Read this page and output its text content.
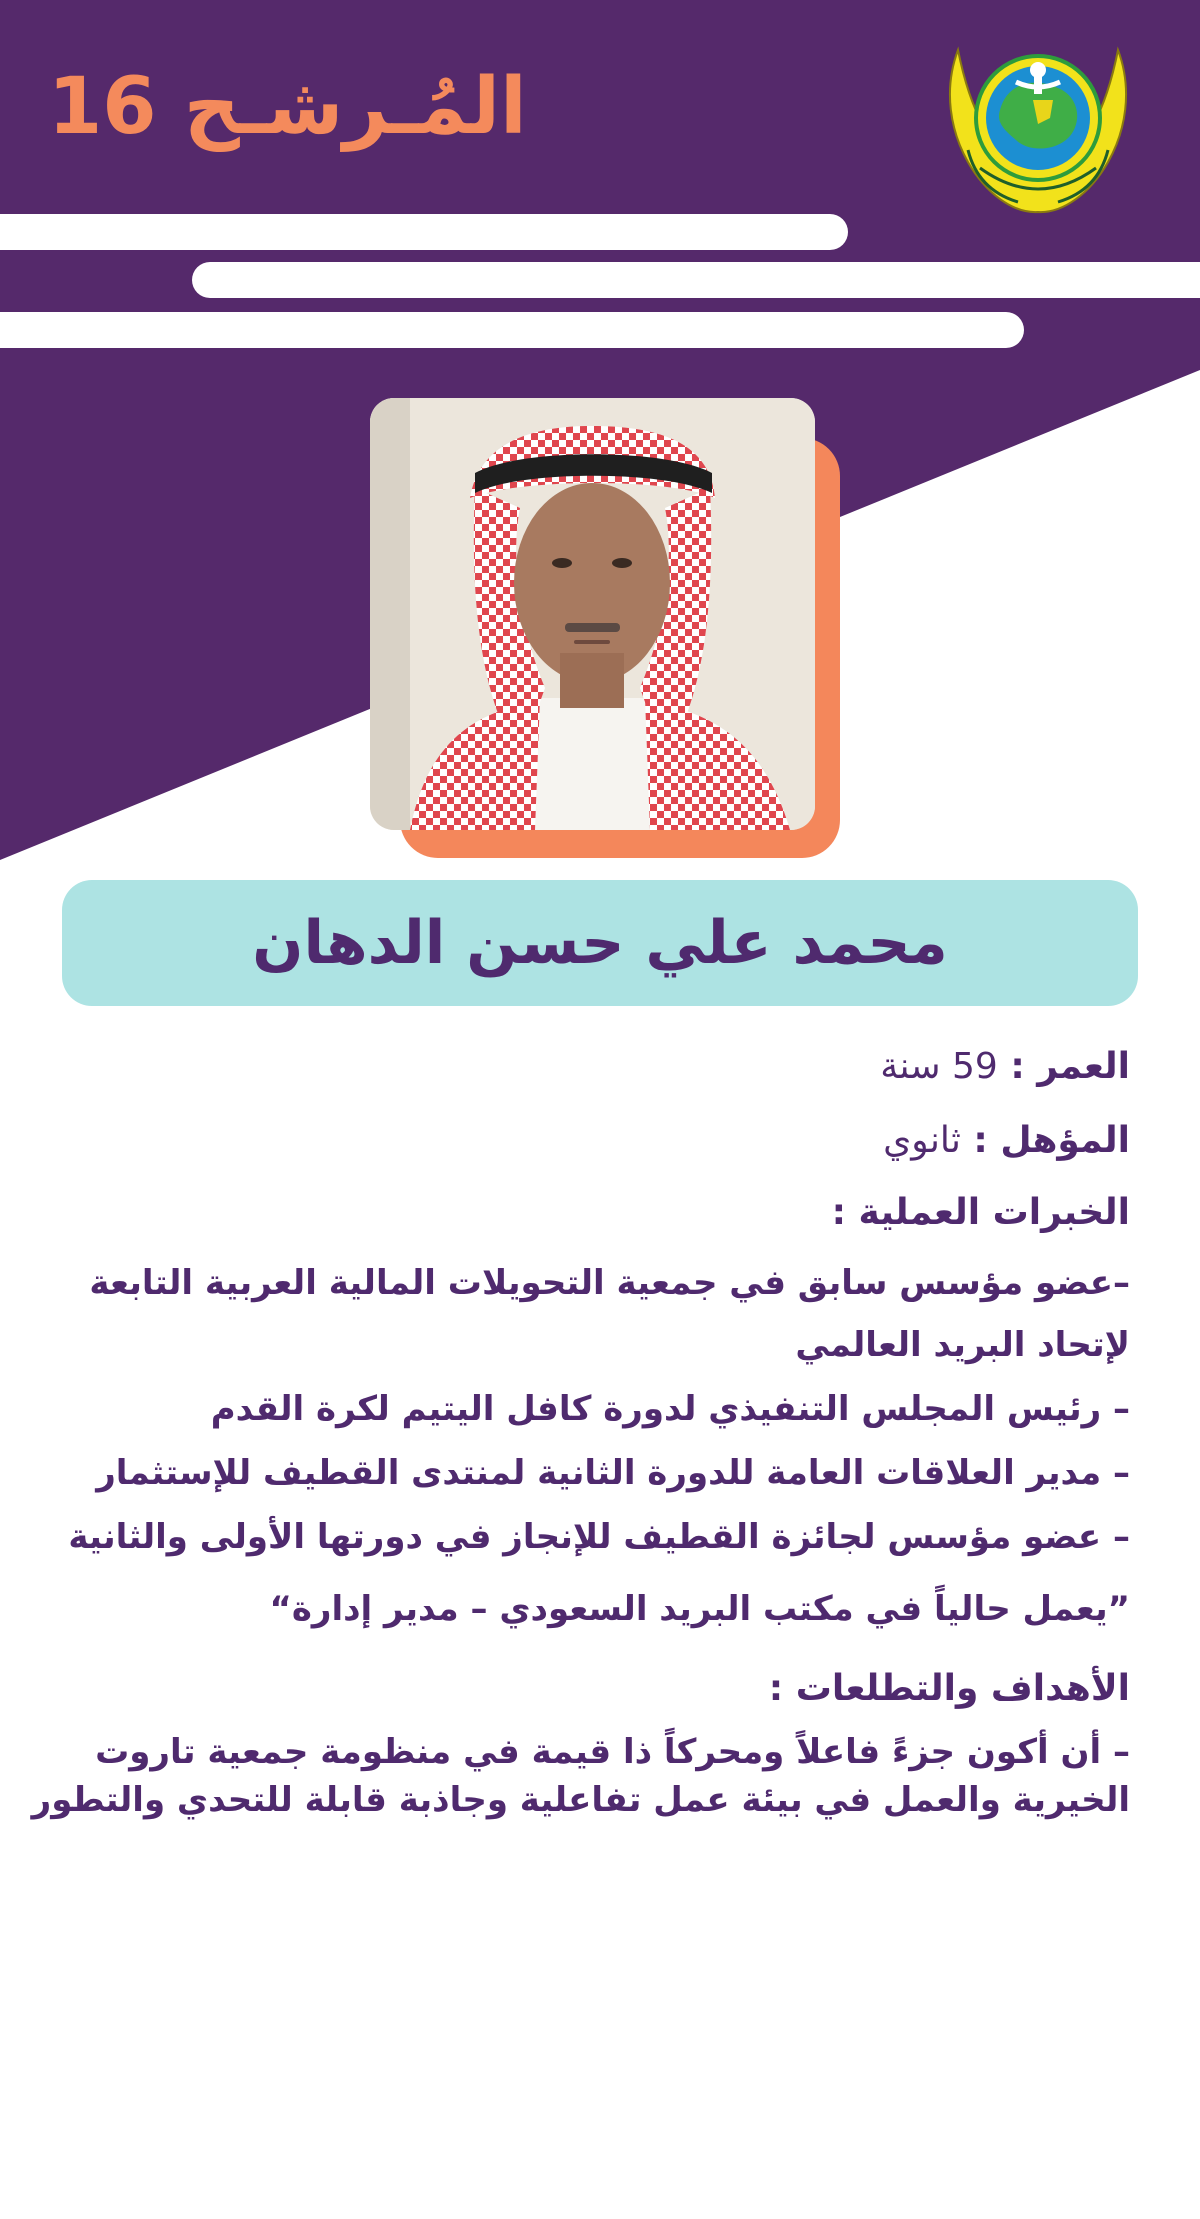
المُـرشـح 16
محمد علي حسن الدهان
العمر : 59 سنة
المؤهل : ثانوي
الخبرات العملية :
–عضو مؤسس سابق في جمعية التحويلات المالية العربية التابعة لإتحاد البريد العالمي
– رئيس المجلس التنفيذي لدورة كافل اليتيم لكرة القدم
– مدير العلاقات العامة للدورة الثانية لمنتدى القطيف للإستثمار
– عضو مؤسس لجائزة القطيف للإنجاز في دورتها الأولى والثانية
”يعمل حالياً في مكتب البريد السعودي – مدير إدارة“
الأهداف والتطلعات :
– أن أكون جزءً فاعلاً ومحركاً ذا قيمة في منظومة جمعية تاروت الخيرية والعمل في بيئة عمل تفاعلية وجاذبة قابلة للتحدي والتطور
